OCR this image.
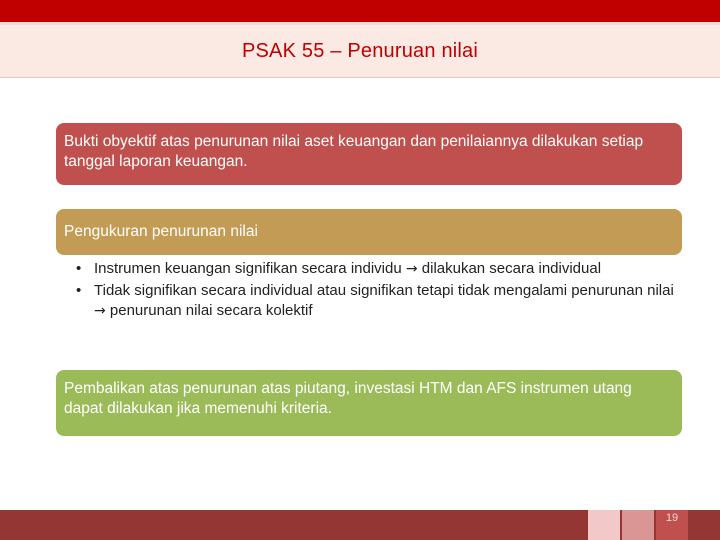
PSAK 55 – Penuruan nilai
Bukti obyektif atas penurunan nilai aset keuangan dan penilaiannya dilakukan setiap tanggal laporan keuangan.
Pengukuran penurunan nilai
• Instrumen keuangan signifikan secara individu → dilakukan secara individual
• Tidak signifikan secara individual atau signifikan tetapi tidak mengalami penurunan nilai → penurunan nilai secara kolektif
Pembalikan atas penurunan atas piutang, investasi HTM dan AFS instrumen utang dapat dilakukan jika memenuhi kriteria.
19
